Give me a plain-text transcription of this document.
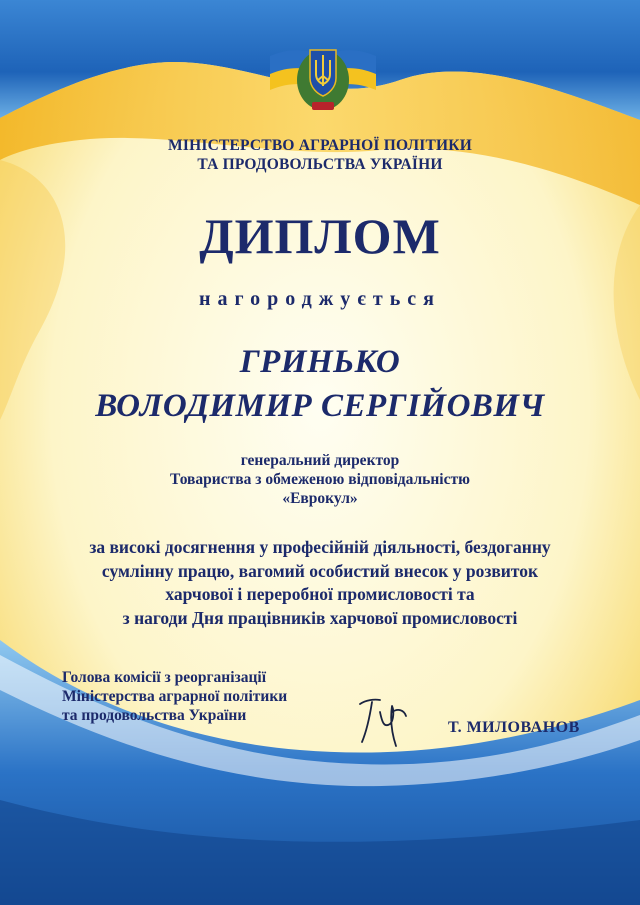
МІНІСТЕРСТВО АГРАРНОЇ ПОЛІТИКИ
ТА ПРОДОВОЛЬСТВА УКРАЇНИ
ДИПЛОМ
нагороджується
ГРИНЬКО
ВОЛОДИМИР СЕРГІЙОВИЧ
генеральний директор
Товариства з обмеженою відповідальністю
«Еврокул»
за високі досягнення у професійній діяльності, бездоганну
сумлінну працю, вагомий особистий внесок у розвиток
харчової і переробної промисловості та
з нагоди Дня працівників харчової промисловості
Голова комісії з реорганізації
Міністерства аграрної політики
та продовольства України
Т. МИЛОВАНОВ
